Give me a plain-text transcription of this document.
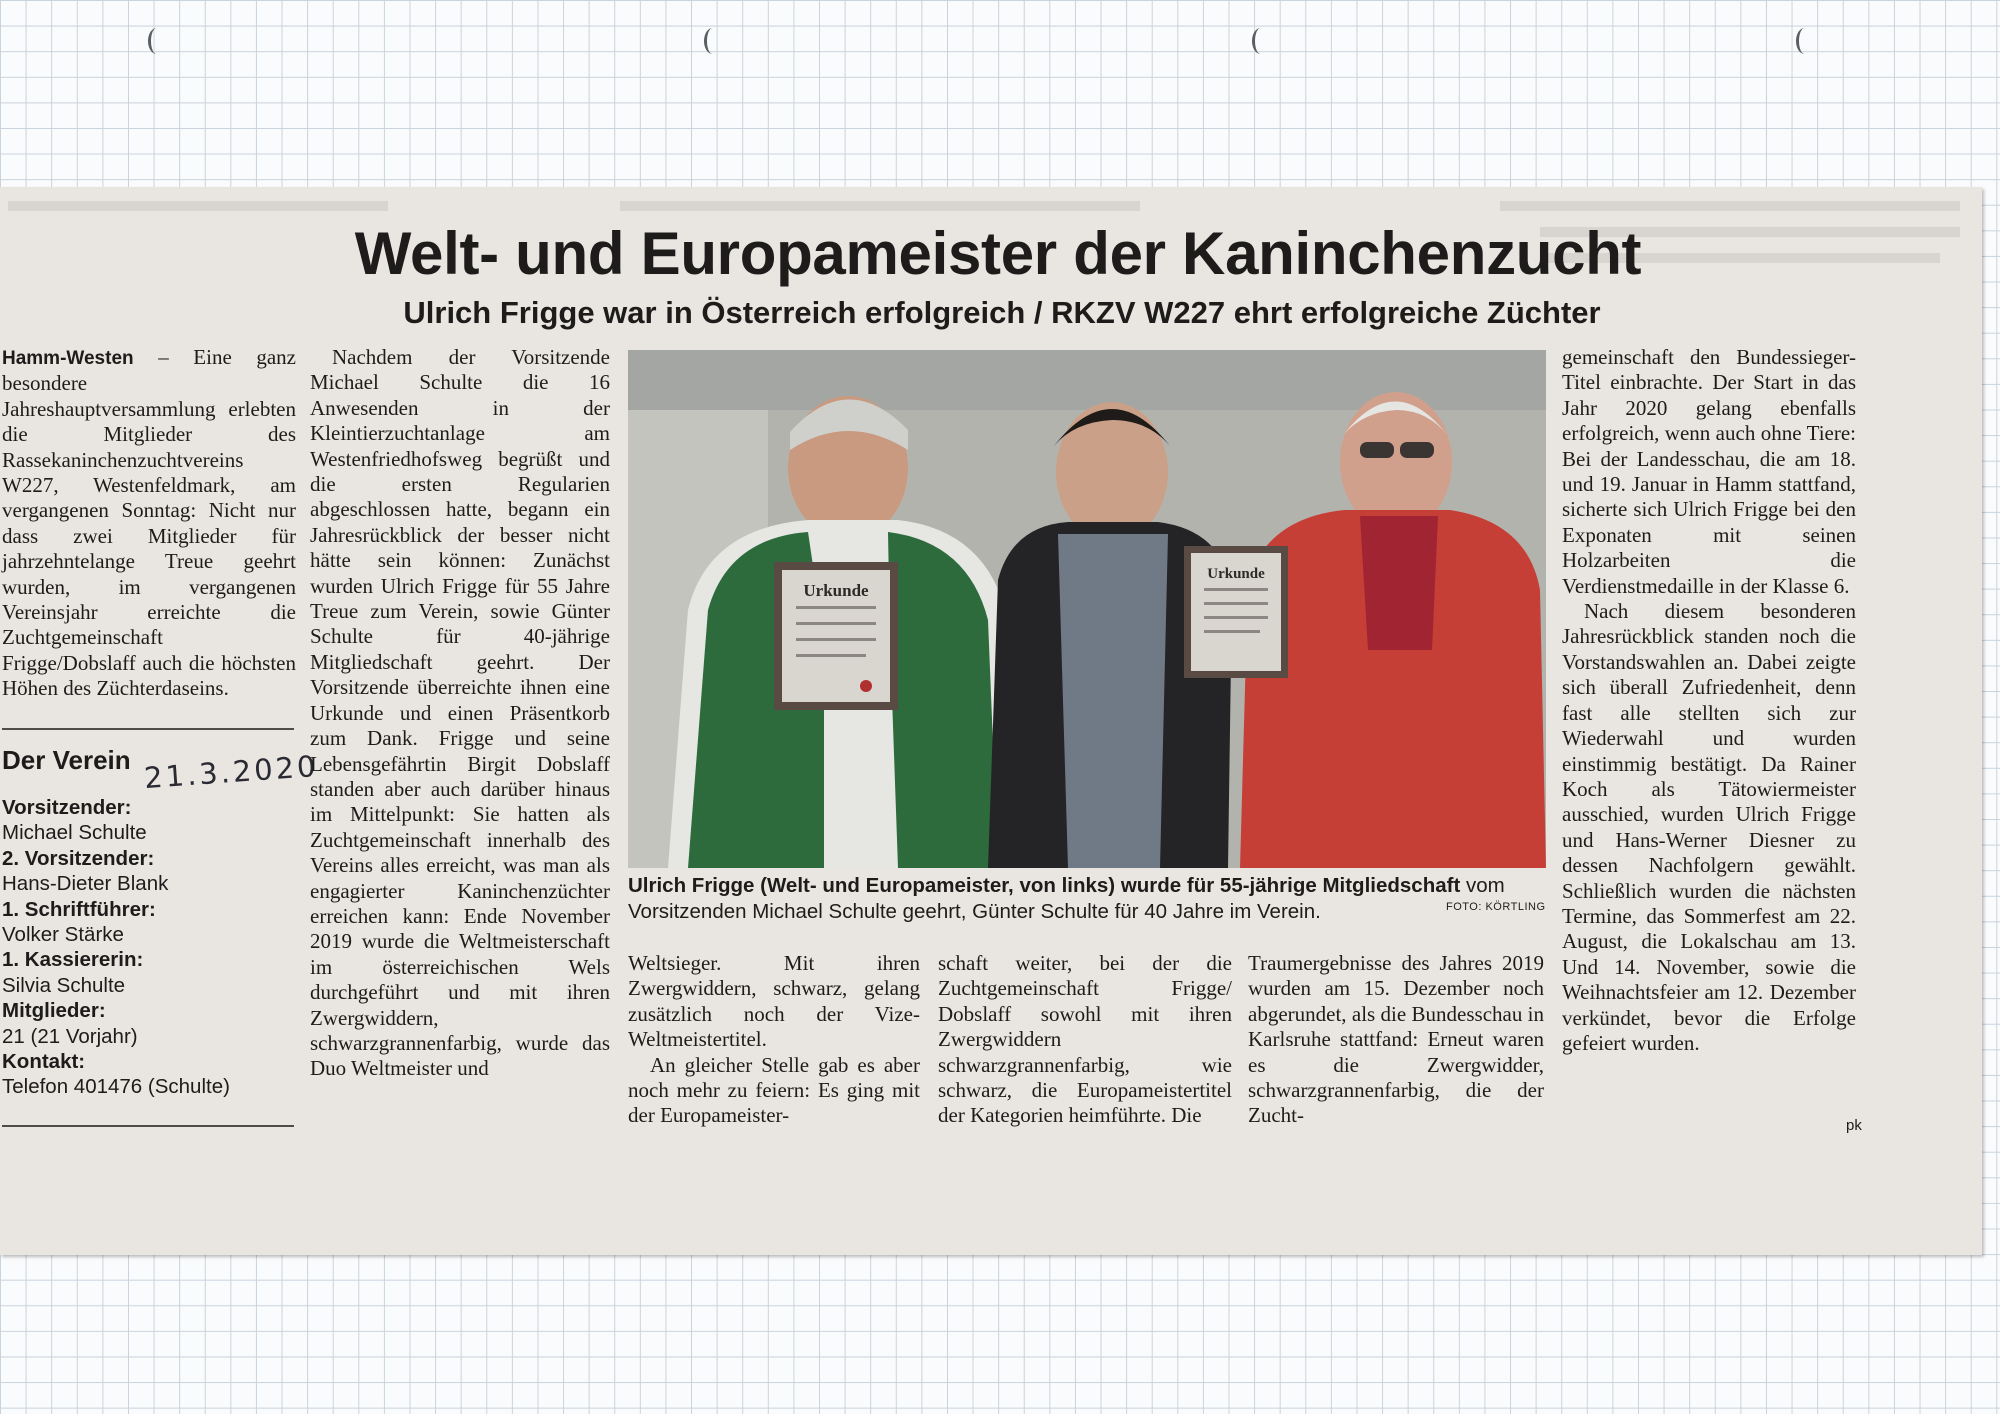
Welt- und Europameister der Kaninchenzucht
Ulrich Frigge war in Österreich erfolgreich / RKZV W227 ehrt erfolgreiche Züchter

Hamm-Westen – Eine ganz besondere Jahreshauptversammlung erlebten die Mitglieder des Rassekaninchenzuchtvereins W227, Westenfeldmark, am vergangenen Sonntag: Nicht nur dass zwei Mitglieder für jahrzehntelange Treue geehrt wurden, im vergangenen Vereinsjahr erreichte die Zuchtgemeinschaft Frigge/Dobslaff auch die höchsten Höhen des Züchterdaseins.

Der Verein 21.3.2020
Vorsitzender:
Michael Schulte
2. Vorsitzender:
Hans-Dieter Blank
1. Schriftführer:
Volker Stärke
1. Kassiererin:
Silvia Schulte
Mitglieder:
21 (21 Vorjahr)
Kontakt:
Telefon 401476 (Schulte)

Nachdem der Vorsitzende Michael Schulte die 16 Anwesenden in der Kleintierzuchtanlage am Westenfriedhofsweg begrüßt und die ersten Regularien abgeschlossen hatte, begann ein Jahresrückblick der besser nicht hätte sein können: Zunächst wurden Ulrich Frigge für 55 Jahre Treue zum Verein, sowie Günter Schulte für 40-jährige Mitgliedschaft geehrt. Der Vorsitzende überreichte ihnen eine Urkunde und einen Präsentkorb zum Dank. Frigge und seine Lebensgefährtin Birgit Dobslaff standen aber auch darüber hinaus im Mittelpunkt: Sie hatten als Zuchtgemeinschaft innerhalb des Vereins alles erreicht, was man als engagierter Kaninchenzüchter erreichen kann: Ende November 2019 wurde die Weltmeisterschaft im österreichischen Wels durchgeführt und mit ihren Zwergwiddern, schwarzgrannenfarbig, wurde das Duo Weltmeister und

Urkunde
Urkunde
Ulrich Frigge (Welt- und Europameister, von links) wurde für 55-jährige Mitgliedschaft vom Vorsitzenden Michael Schulte geehrt, Günter Schulte für 40 Jahre im Verein.	FOTO: KÖRTLING

Weltsieger. Mit ihren Zwergwiddern, schwarz, gelang zusätzlich noch der Vize-Weltmeistertitel.

An gleicher Stelle gab es aber noch mehr zu feiern: Es ging mit der Europameister-

schaft weiter, bei der die Zuchtgemeinschaft Frigge/ Dobslaff sowohl mit ihren Zwergwiddern schwarzgrannenfarbig, wie schwarz, die Europameistertitel der Kategorien heimführte. Die

Traumergebnisse des Jahres 2019 wurden am 15. Dezember noch abgerundet, als die Bundesschau in Karlsruhe stattfand: Erneut waren es die Zwergwidder, schwarzgrannenfarbig, die der Zucht-

gemeinschaft den Bundessieger-Titel einbrachte. Der Start in das Jahr 2020 gelang ebenfalls erfolgreich, wenn auch ohne Tiere: Bei der Landesschau, die am 18. und 19. Januar in Hamm stattfand, sicherte sich Ulrich Frigge bei den Exponaten mit seinen Holzarbeiten die Verdienstmedaille in der Klasse 6.

Nach diesem besonderen Jahresrückblick standen noch die Vorstandswahlen an. Dabei zeigte sich überall Zufriedenheit, denn fast alle stellten sich zur Wiederwahl und wurden einstimmig bestätigt. Da Rainer Koch als Tätowiermeister ausschied, wurden Ulrich Frigge und Hans-Werner Diesner zu dessen Nachfolgern gewählt. Schließlich wurden die nächsten Termine, das Sommerfest am 22. August, die Lokalschau am 13. Und 14. November, sowie die Weihnachtsfeier am 12. Dezember verkündet, bevor die Erfolge gefeiert wurden.

pk
